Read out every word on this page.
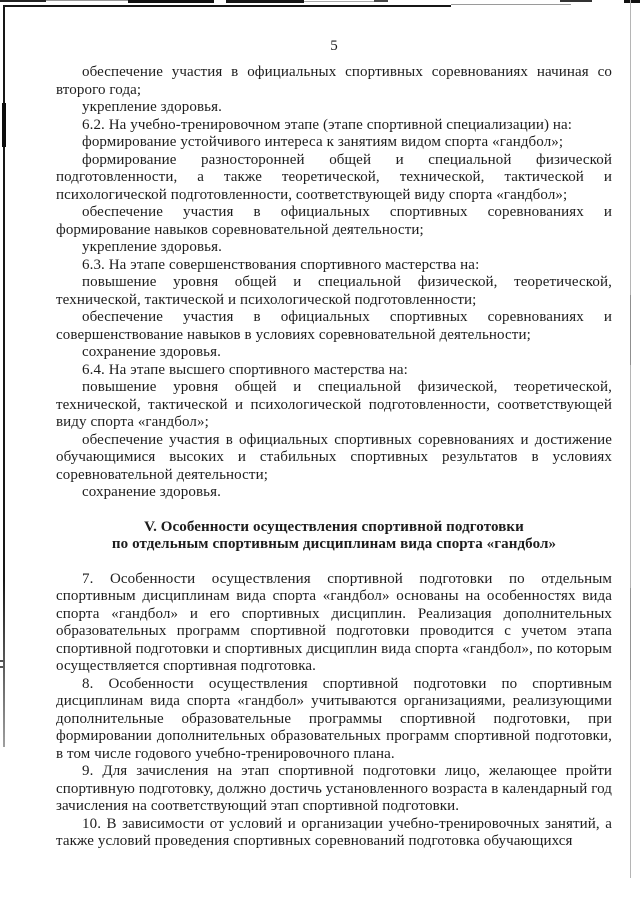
5

обеспечение участия в официальных спортивных соревнованиях начиная со второго года;

укрепление здоровья.

6.2. На учебно-тренировочном этапе (этапе спортивной специализации) на:

формирование устойчивого интереса к занятиям видом спорта «гандбол»;

формирование разносторонней общей и специальной физической подготовленности, а также теоретической, технической, тактической и психологической подготовленности, соответствующей виду спорта «гандбол»;

обеспечение участия в официальных спортивных соревнованиях и формирование навыков соревновательной деятельности;

укрепление здоровья.

6.3. На этапе совершенствования спортивного мастерства на:

повышение уровня общей и специальной физической, теоретической, технической, тактической и психологической подготовленности;

обеспечение участия в официальных спортивных соревнованиях и совершенствование навыков в условиях соревновательной деятельности;

сохранение здоровья.

6.4. На этапе высшего спортивного мастерства на:

повышение уровня общей и специальной физической, теоретической, технической, тактической и психологической подготовленности, соответствующей виду спорта «гандбол»;

обеспечение участия в официальных спортивных соревнованиях и достижение обучающимися высоких и стабильных спортивных результатов в условиях соревновательной деятельности;

сохранение здоровья.

V. Особенности осуществления спортивной подготовки
по отдельным спортивным дисциплинам вида спорта «гандбол»

7. Особенности осуществления спортивной подготовки по отдельным спортивным дисциплинам вида спорта «гандбол» основаны на особенностях вида спорта «гандбол» и его спортивных дисциплин. Реализация дополнительных образовательных программ спортивной подготовки проводится с учетом этапа спортивной подготовки и спортивных дисциплин вида спорта «гандбол», по которым осуществляется спортивная подготовка.

8. Особенности осуществления спортивной подготовки по спортивным дисциплинам вида спорта «гандбол» учитываются организациями, реализующими дополнительные образовательные программы спортивной подготовки, при формировании дополнительных образовательных программ спортивной подготовки, в том числе годового учебно-тренировочного плана.

9. Для зачисления на этап спортивной подготовки лицо, желающее пройти спортивную подготовку, должно достичь установленного возраста в календарный год зачисления на соответствующий этап спортивной подготовки.

10. В зависимости от условий и организации учебно-тренировочных занятий, а также условий проведения спортивных соревнований подготовка обучающихся
